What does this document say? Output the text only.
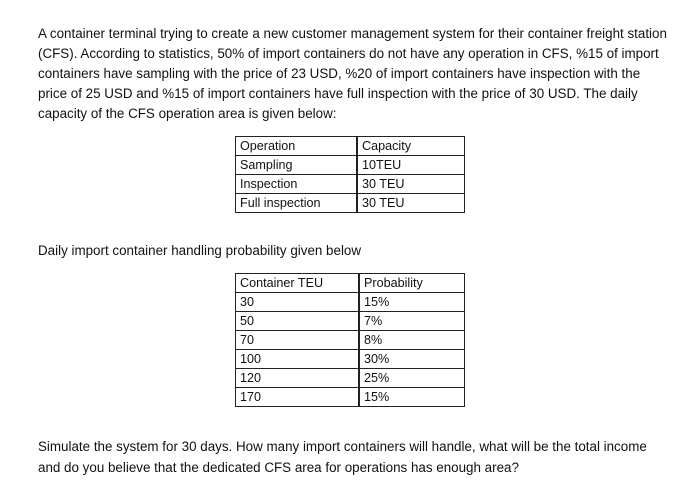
A container terminal trying to create a new customer management system for their container freight station (CFS). According to statistics, 50% of import containers do not have any operation in CFS, %15 of import containers have sampling with the price of 23 USD, %20 of import containers have inspection with the price of 25 USD and %15 of import containers have full inspection with the price of 30 USD. The daily capacity of the CFS operation area is given below:

Operation	Capacity
Sampling	10TEU
Inspection	30 TEU
Full inspection	30 TEU

Daily import container handling probability given below

Container TEU	Probability
30	15%
50	7%
70	8%
100	30%
120	25%
170	15%

Simulate the system for 30 days. How many import containers will handle, what will be the total income and do you believe that the dedicated CFS area for operations has enough area?
